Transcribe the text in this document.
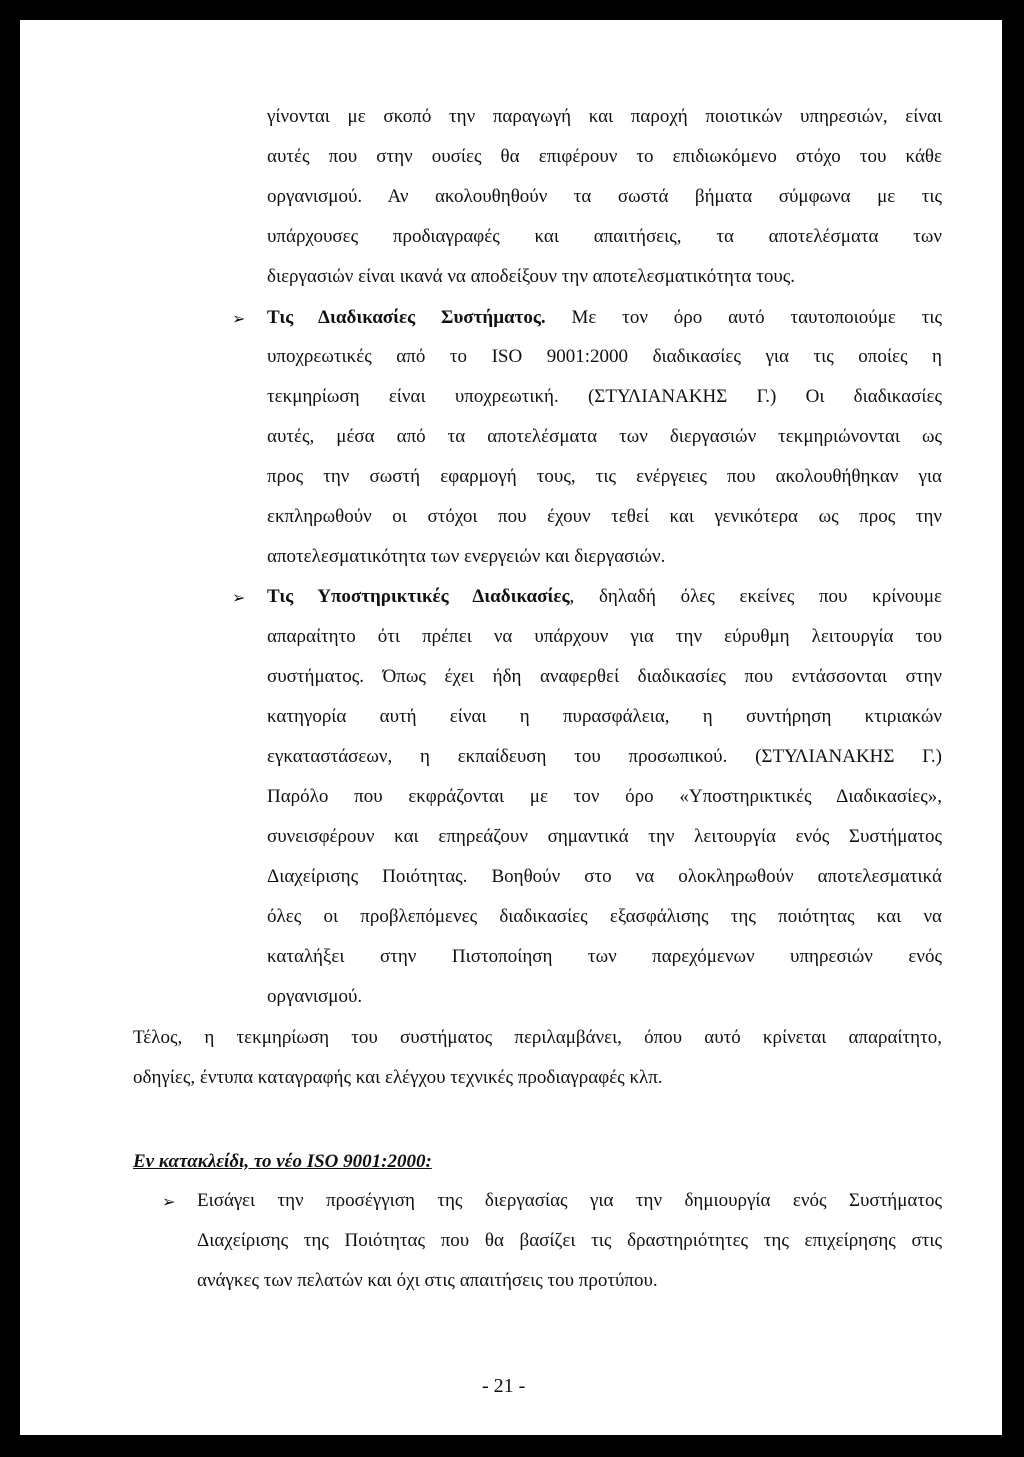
γίνονται με σκοπό την παραγωγή και παροχή ποιοτικών υπηρεσιών, είναι
αυτές που στην ουσίες θα επιφέρουν το επιδιωκόμενο στόχο του κάθε
οργανισμού. Αν ακολουθηθούν τα σωστά βήματα σύμφωνα με τις
υπάρχουσες προδιαγραφές και απαιτήσεις, τα αποτελέσματα των
διεργασιών είναι ικανά να αποδείξουν την αποτελεσματικότητα τους.
➢ Τις Διαδικασίες Συστήματος. Με τον όρο αυτό ταυτοποιούμε τις
υποχρεωτικές από το ISO 9001:2000 διαδικασίες για τις οποίες η
τεκμηρίωση είναι υποχρεωτική. (ΣΤΥΛΙΑΝΑΚΗΣ Γ.) Οι διαδικασίες
αυτές, μέσα από τα αποτελέσματα των διεργασιών τεκμηριώνονται ως
προς την σωστή εφαρμογή τους, τις ενέργειες που ακολουθήθηκαν για
εκπληρωθούν οι στόχοι που έχουν τεθεί και γενικότερα ως προς την
αποτελεσματικότητα των ενεργειών και διεργασιών.
➢ Τις Υποστηρικτικές Διαδικασίες, δηλαδή όλες εκείνες που κρίνουμε
απαραίτητο ότι πρέπει να υπάρχουν για την εύρυθμη λειτουργία του
συστήματος. Όπως έχει ήδη αναφερθεί διαδικασίες που εντάσσονται στην
κατηγορία αυτή είναι η πυρασφάλεια, η συντήρηση κτιριακών
εγκαταστάσεων, η εκπαίδευση του προσωπικού. (ΣΤΥΛΙΑΝΑΚΗΣ Γ.)
Παρόλο που εκφράζονται με τον όρο «Υποστηρικτικές Διαδικασίες»,
συνεισφέρουν και επηρεάζουν σημαντικά την λειτουργία ενός Συστήματος
Διαχείρισης Ποιότητας. Βοηθούν στο να ολοκληρωθούν αποτελεσματικά
όλες οι προβλεπόμενες διαδικασίες εξασφάλισης της ποιότητας και να
καταλήξει στην Πιστοποίηση των παρεχόμενων υπηρεσιών ενός
οργανισμού.
Τέλος, η τεκμηρίωση του συστήματος περιλαμβάνει, όπου αυτό κρίνεται απαραίτητο,
οδηγίες, έντυπα καταγραφής και ελέγχου τεχνικές προδιαγραφές κλπ.
Εν κατακλείδι, το νέο ISO 9001:2000:
➢ Εισάγει την προσέγγιση της διεργασίας για την δημιουργία ενός Συστήματος
Διαχείρισης της Ποιότητας που θα βασίζει τις δραστηριότητες της επιχείρησης στις
ανάγκες των πελατών και όχι στις απαιτήσεις του προτύπου.
- 21 -
